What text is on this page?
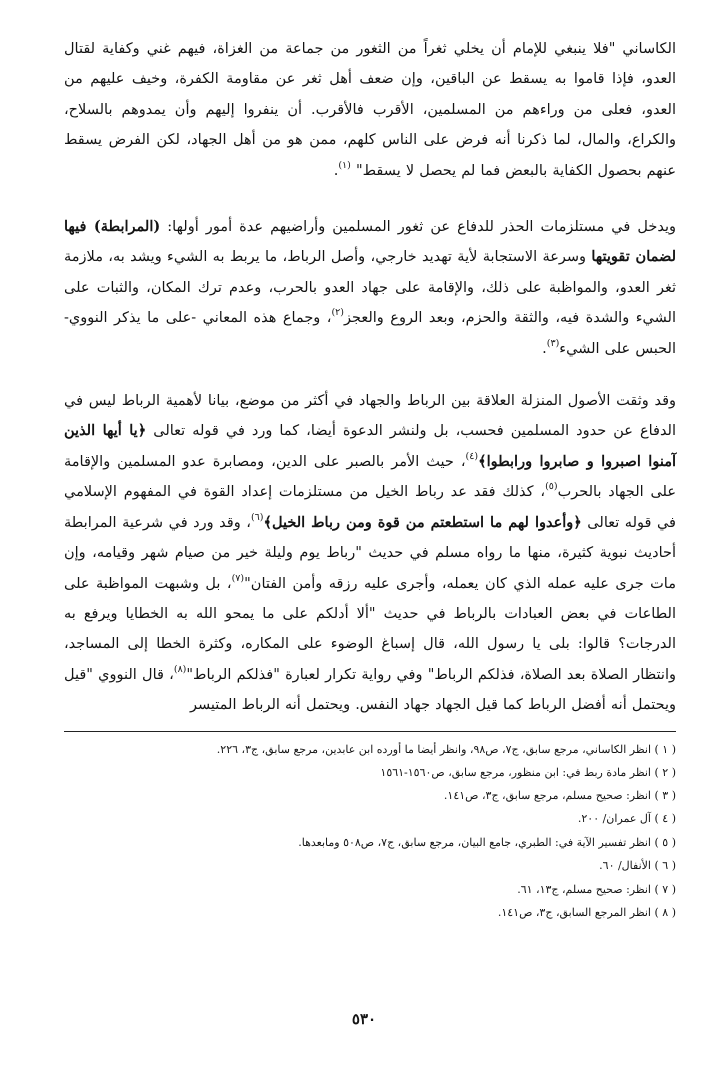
الكاساني "فلا ينبغي للإمام أن يخلي ثغراً من الثغور من جماعة من الغزاة، فيهم غني وكفاية لقتال العدو، فإذا قاموا به يسقط عن الباقين، وإن ضعف أهل ثغر عن مقاومة الكفرة، وخيف عليهم من العدو، فعلى من وراءهم من المسلمين، الأقرب فالأقرب. أن ينفروا إليهم وأن يمدوهم بالسلاح، والكراع، والمال، لما ذكرنا أنه فرض على الناس كلهم، ممن هو من أهل الجهاد، لكن الفرض يسقط عنهم بحصول الكفاية بالبعض فما لم يحصل لا يسقط" $^{(١)}$.

ويدخل في مستلزمات الحذر للدفاع عن ثغور المسلمين وأراضيهم عدة أمور أولها: (المرابطة) فيها لضمان تقويتها وسرعة الاستجابة لأية تهديد خارجي، وأصل الرباط، ما يربط به الشيء ويشد به، ملازمة ثغر العدو، والمواظبة على ذلك، والإقامة على جهاد العدو بالحرب، وعدم ترك المكان، والثبات على الشيء والشدة فيه، والثقة والحزم، وبعد الروع والعجز$^{(٢)}$، وجماع هذه المعاني -على ما يذكر النووي- الحبس على الشيء$^{(٣)}$.

وقد وثقت الأصول المنزلة العلاقة بين الرباط والجهاد في أكثر من موضع، بيانا لأهمية الرباط ليس في الدفاع عن حدود المسلمين فحسب، بل ولنشر الدعوة أيضا، كما ورد في قوله تعالى ﴿يا أيها الذين آمنوا اصبروا و صابروا ورابطوا﴾$^{(٤)}$، حيث الأمر بالصبر على الدين، ومصابرة عدو المسلمين والإقامة على الجهاد بالحرب$^{(٥)}$، كذلك فقد عد رباط الخيل من مستلزمات إعداد القوة في المفهوم الإسلامي في قوله تعالى ﴿وأعدوا لهم ما استطعتم من قوة ومن رباط الخيل﴾$^{(٦)}$، وقد ورد في شرعية المرابطة أحاديث نبوية كثيرة، منها ما رواه مسلم في حديث "رباط يوم وليلة خير من صيام شهر وقيامه، وإن مات جرى عليه عمله الذي كان يعمله، وأجرى عليه رزقه وأمن الفتان"$^{(٧)}$، بل وشبهت المواظبة على الطاعات في بعض العبادات بالرباط في حديث "ألا أدلكم على ما يمحو الله به الخطايا ويرفع به الدرجات؟ قالوا: بلى يا رسول الله، قال إسباغ الوضوء على المكاره، وكثرة الخطا إلى المساجد، وانتظار الصلاة بعد الصلاة، فذلكم الرباط" وفي رواية تكرار لعبارة "فذلكم الرباط"$^{(٨)}$، قال النووي "قيل ويحتمل أنه أفضل الرباط كما قيل الجهاد جهاد النفس. ويحتمل أنه الرباط المتيسر

( ١ ) انظر الكاساني، مرجع سابق، ج٧، ص٩٨، وانظر أيضا ما أورده ابن عابدين، مرجع سابق، ج٣، ٢٢٦.

( ٢ ) انظر مادة ربط في: ابن منظور، مرجع سابق، ص١٥٦٠-١٥٦١

( ٣ ) انظر: صحيح مسلم، مرجع سابق، ج٣، ص١٤١.

( ٤ ) آل عمران/ ٢٠٠.

( ٥ ) انظر تفسير الآية في: الطبري، جامع البيان، مرجع سابق، ج٧، ص٥٠٨ ومابعدها.

( ٦ ) الأنفال/ ٦٠.

( ٧ ) انظر: صحيح مسلم، ج١٣، ٦١.

( ٨ ) انظر المرجع السابق، ج٣، ص١٤١.

٥٣٠
